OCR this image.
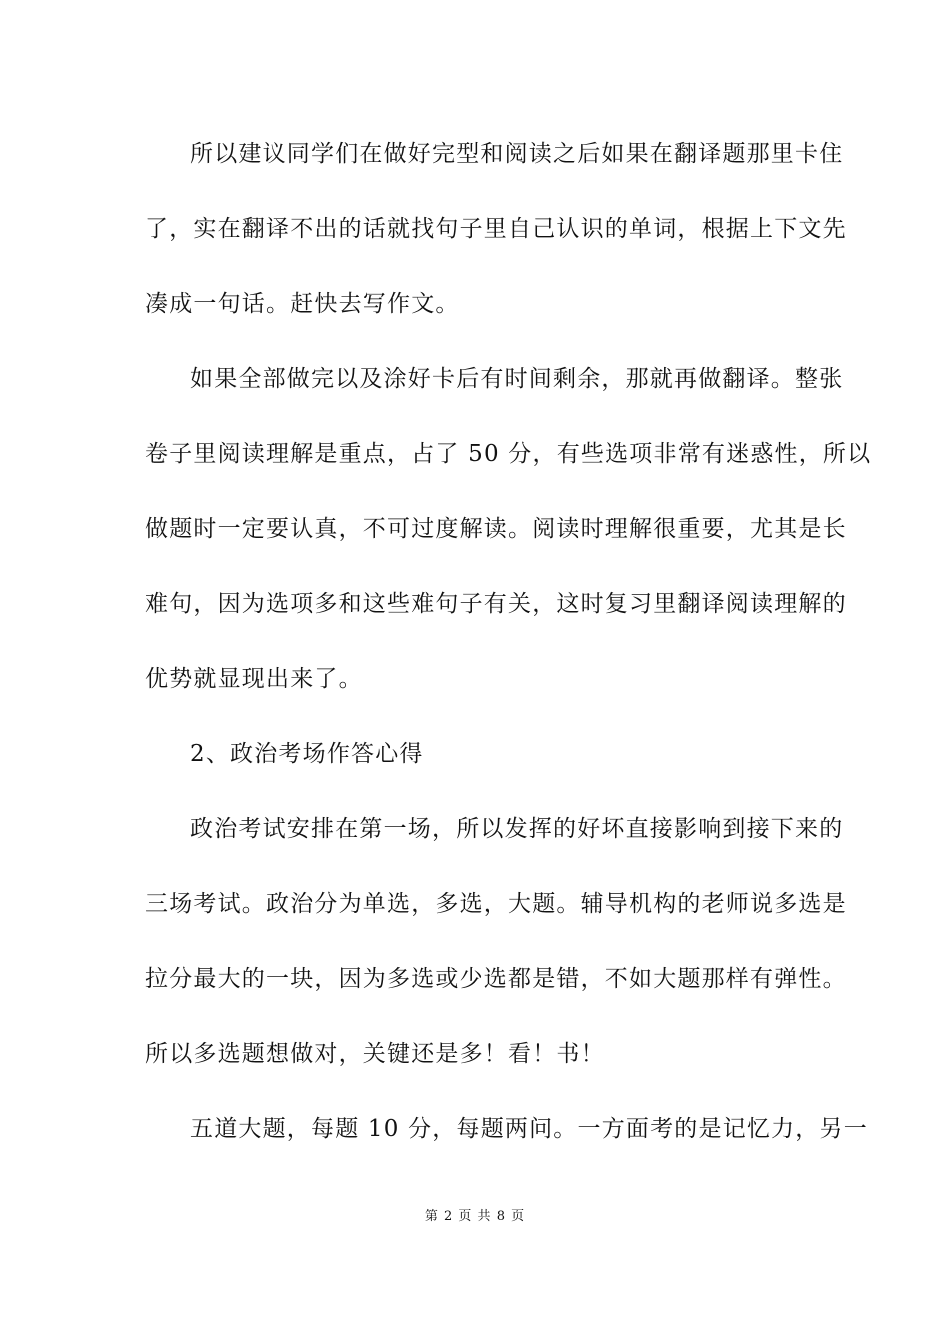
所以建议同学们在做好完型和阅读之后如果在翻译题那里卡住
了，实在翻译不出的话就找句子里自己认识的单词，根据上下文先
凑成一句话。赶快去写作文。
如果全部做完以及涂好卡后有时间剩余，那就再做翻译。整张
卷子里阅读理解是重点，占了 50 分，有些选项非常有迷惑性，所以
做题时一定要认真，不可过度解读。阅读时理解很重要，尤其是长
难句，因为选项多和这些难句子有关，这时复习里翻译阅读理解的
优势就显现出来了。
2、政治考场作答心得
政治考试安排在第一场，所以发挥的好坏直接影响到接下来的
三场考试。政治分为单选，多选，大题。辅导机构的老师说多选是
拉分最大的一块，因为多选或少选都是错，不如大题那样有弹性。
所以多选题想做对，关键还是多！看！书！
五道大题，每题 10 分，每题两问。一方面考的是记忆力，另一
第 2 页 共 8 页
